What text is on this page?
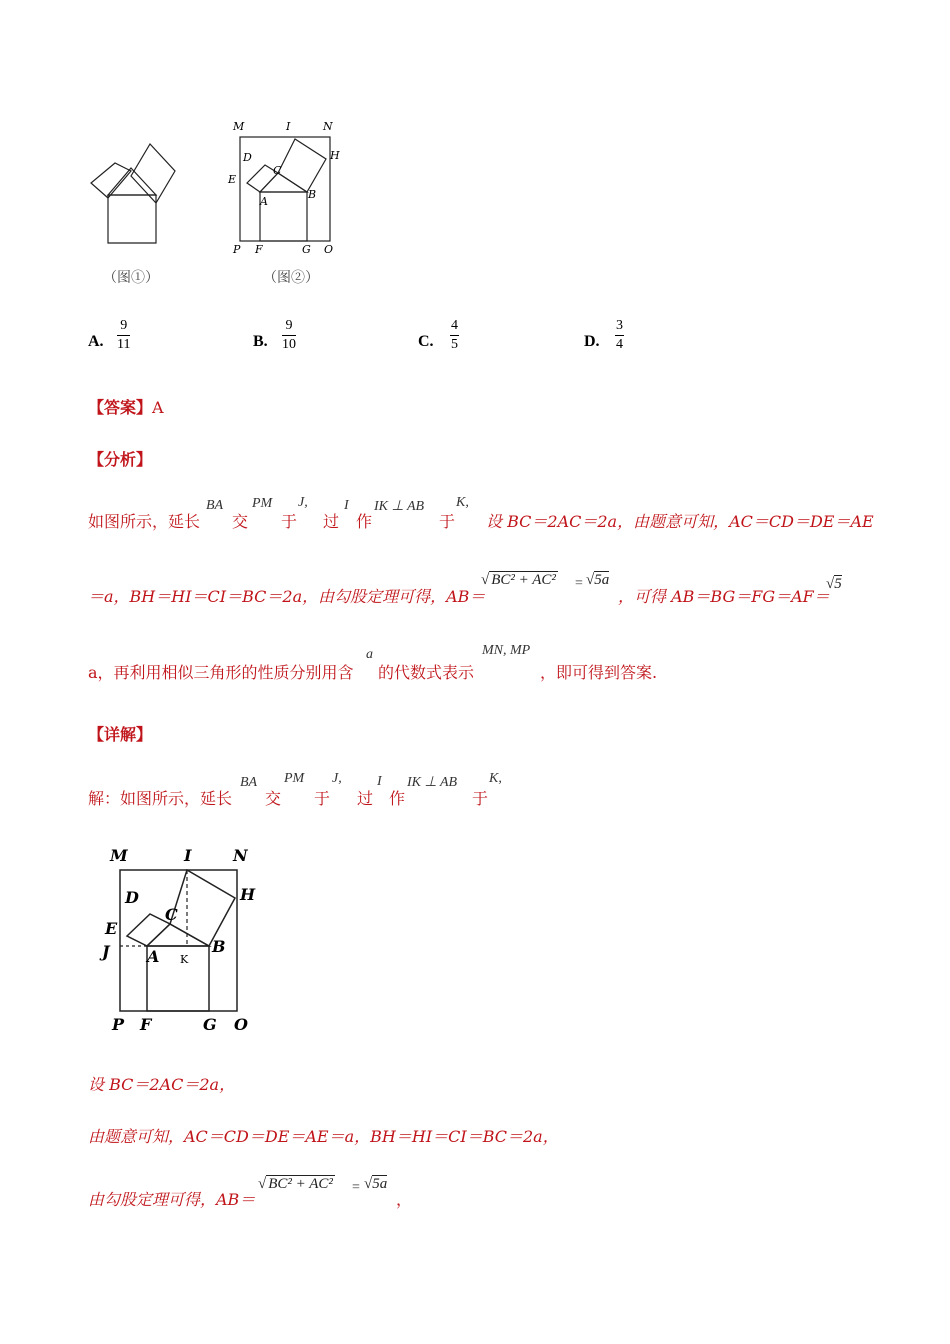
（图①）
M	I	N
D
C
H
E
B
A
P F	G O
（图②）
A.
9
11	B.
9
10	C.
4
5	D.
3
4
【答案】A
【分析】
如图所示，延长
BA
交
PM
于
J,
过
I
作
IK ⊥ AB
于
K,
设 BC＝2AC＝2a，由题意可知，AC＝CD＝DE＝AE
＝a，BH＝HI＝CI＝BC＝2a，由勾股定理可得，AB＝
√ BC² + AC² = √5a
，可得 AB＝BG＝FG＝AF＝
√5
a，再利用相似三角形的性质分别用含
a
的代数式表示
MN, MP
，即可得到答案.
【详解】
解：如图所示，延长
BA
交
PM
于
J,
过
I
作
IK ⊥ AB
于
K,
M	I	N
D	H
C
E
B
J A K
P F	G O
设 BC＝2AC＝2a，
由题意可知，AC＝CD＝DE＝AE＝a，BH＝HI＝CI＝BC＝2a，
由勾股定理可得，AB＝
√ BC² + AC² = √5a
，
